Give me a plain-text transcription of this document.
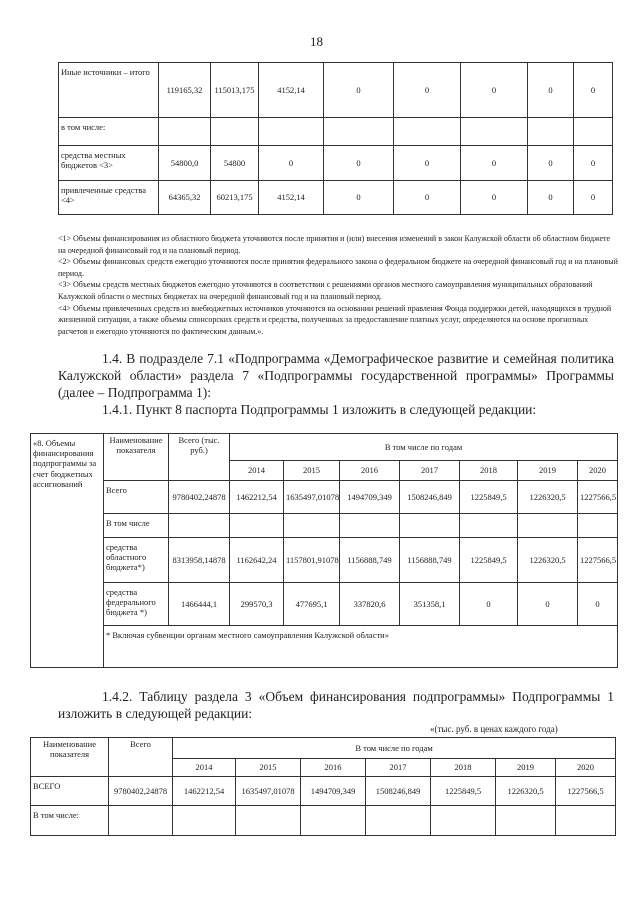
18
Иные источники – итого	119165,32	115013,175	4152,14	0	0	0	0	0
в том числе:								
средства местных бюджетов <3>	54800,0	54800	0	0	0	0	0	0
привлеченные средства <4>	64365,32	60213,175	4152,14	0	0	0	0	0
<1> Объемы финансирования из областного бюджета уточняются после принятия и (или) внесения изменений в закон Калужской области об областном бюджете на очередной финансовый год и на плановый период.
<2> Объемы финансовых средств ежегодно уточняются после принятия федерального закона о федеральном бюджете на очередной финансовый год и на плановый период.
<3> Объемы средств местных бюджетов ежегодно уточняются в соответствии с решениями органов местного самоуправления муниципальных образований Калужской области о местных бюджетах на очередной финансовый год и на плановый период.
<4> Объемы привлеченных средств из внебюджетных источников уточняются на основании решений правления Фонда поддержки детей, находящихся в трудной жизненной ситуации, а также объемы спонсорских средств и средства, полученных за предоставление платных услуг, определяются на основе прогнозных расчетов и ежегодно уточняются по фактическим данным.».

1.4. В подразделе 7.1 «Подпрограмма «Демографическое развитие и семейная политика Калужской области» раздела 7 «Подпрограммы государственной программы» Программы (далее – Подпрограмма 1):

1.4.1. Пункт 8 паспорта Подпрограммы 1 изложить в следующей редакции:

«8. Объемы финансирования подпрограммы за счет бюджетных ассигнований	Наименование показателя	Всего (тыс. руб.)	В том числе по годам						
			2014	2015	2016	2017	2018	2019	2020
	Всего	9780402,24878	1462212,54	1635497,01078	1494709,349	1508246,849	1225849,5	1226320,5	1227566,5
	В том числе								
	средства областного бюджета*)	8313958,14878	1162642,24	1157801,91078	1156888,749	1156888,749	1225849,5	1226320,5	1227566,5
	средства федерального бюджета *)	1466444,1	299570,3	477695,1	337820,6	351358,1	0	0	0
	* Включая субвенции органам местного самоуправления Калужской области»								

1.4.2. Таблицу раздела 3 «Объем финансирования подпрограммы» Подпрограммы 1 изложить в следующей редакции:

«(тыс. руб. в ценах каждого года)
Наименование показателя	Всего	В том числе по годам						
		2014	2015	2016	2017	2018	2019	2020
ВСЕГО	9780402,24878	1462212,54	1635497,01078	1494709,349	1508246,849	1225849,5	1226320,5	1227566,5
В том числе:								
